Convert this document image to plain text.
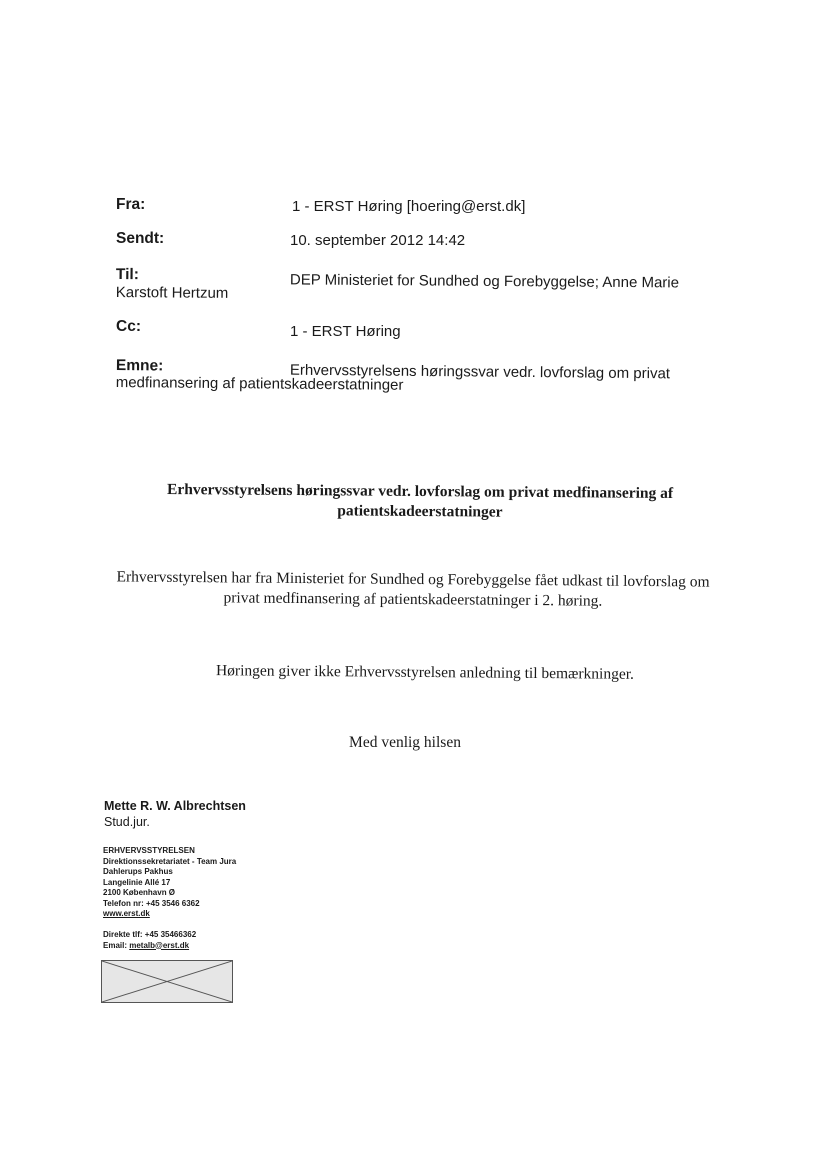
Fra:	1 - ERST Høring [hoering@erst.dk]
Sendt:	10. september 2012 14:42
Til:	DEP Ministeriet for Sundhed og Forebyggelse; Anne Marie
Karstoft Hertzum
Cc:	1 - ERST Høring
Emne:	Erhvervsstyrelsens høringssvar vedr. lovforslag om privat
medfinansering af patientskadeerstatninger
Erhvervsstyrelsens høringssvar vedr. lovforslag om privat medfinansering af
patientskadeerstatninger
Erhvervsstyrelsen har fra Ministeriet for Sundhed og Forebyggelse fået udkast til lovforslag om
privat medfinansering af patientskadeerstatninger i 2. høring.
Høringen giver ikke Erhvervsstyrelsen anledning til bemærkninger.
Med venlig hilsen
Mette R. W. Albrechtsen
Stud.jur.
ERHVERVSSTYRELSEN
Direktionssekretariatet - Team Jura
Dahlerups Pakhus
Langelinie Allé 17
2100 København Ø
Telefon nr: +45 3546 6362
www.erst.dk
Direkte tlf: +45 35466362
Email: metalb@erst.dk
